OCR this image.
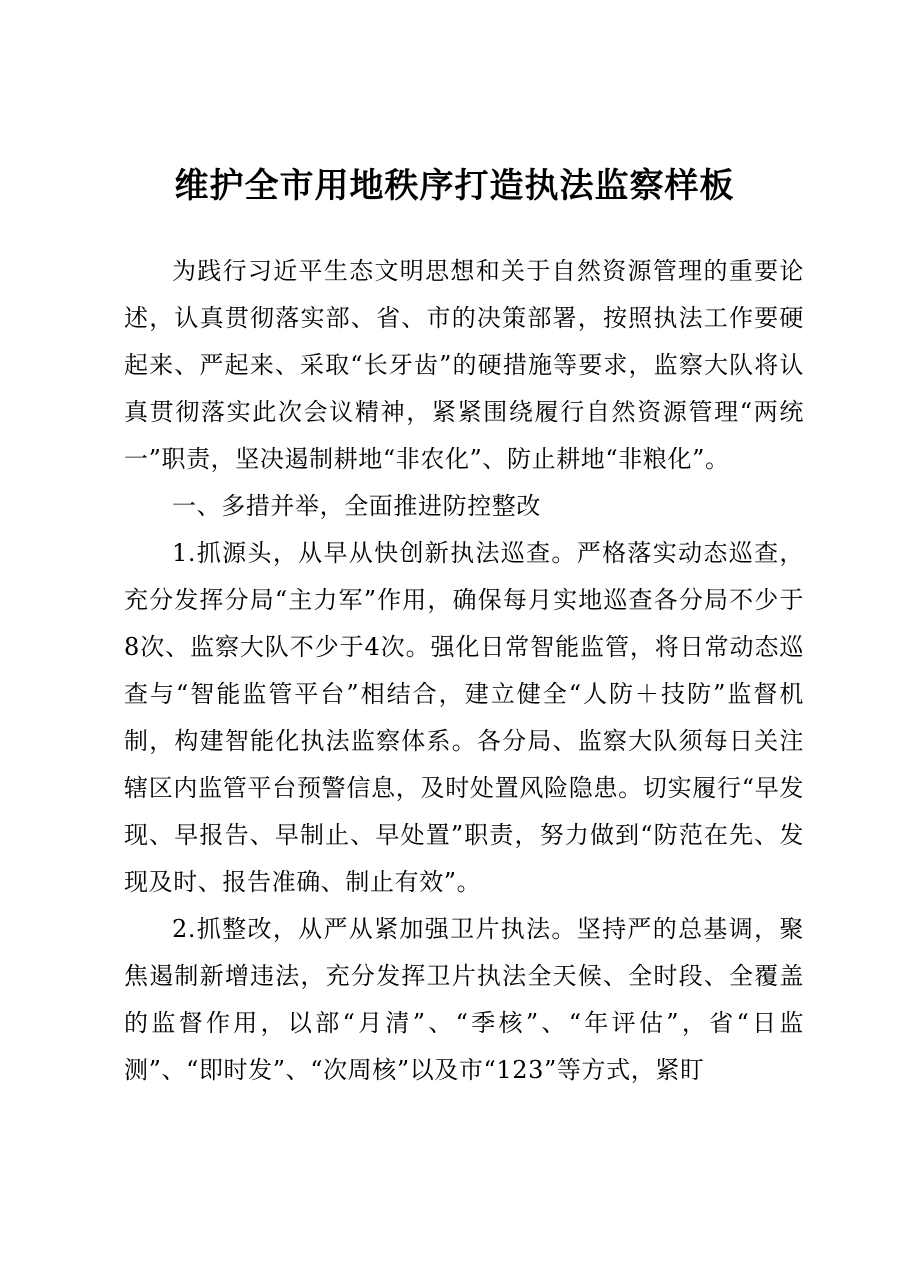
维护全市用地秩序打造执法监察样板

为践行习近平生态文明思想和关于自然资源管理的重要论述，认真贯彻落实部、省、市的决策部署，按照执法工作要硬起来、严起来、采取“长牙齿”的硬措施等要求，监察大队将认真贯彻落实此次会议精神，紧紧围绕履行自然资源管理“两统一”职责，坚决遏制耕地“非农化”、防止耕地“非粮化”。

一、多措并举，全面推进防控整改

1.抓源头，从早从快创新执法巡查。严格落实动态巡查，充分发挥分局“主力军”作用，确保每月实地巡查各分局不少于8次、监察大队不少于4次。强化日常智能监管，将日常动态巡查与“智能监管平台”相结合，建立健全“人防＋技防”监督机制，构建智能化执法监察体系。各分局、监察大队须每日关注辖区内监管平台预警信息，及时处置风险隐患。切实履行“早发现、早报告、早制止、早处置”职责，努力做到“防范在先、发现及时、报告准确、制止有效”。

2.抓整改，从严从紧加强卫片执法。坚持严的总基调，聚焦遏制新增违法，充分发挥卫片执法全天候、全时段、全覆盖的监督作用，以部“月清”、“季核”、“年评估”，省“日监测”、“即时发”、“次周核”以及市“123”等方式，紧盯
